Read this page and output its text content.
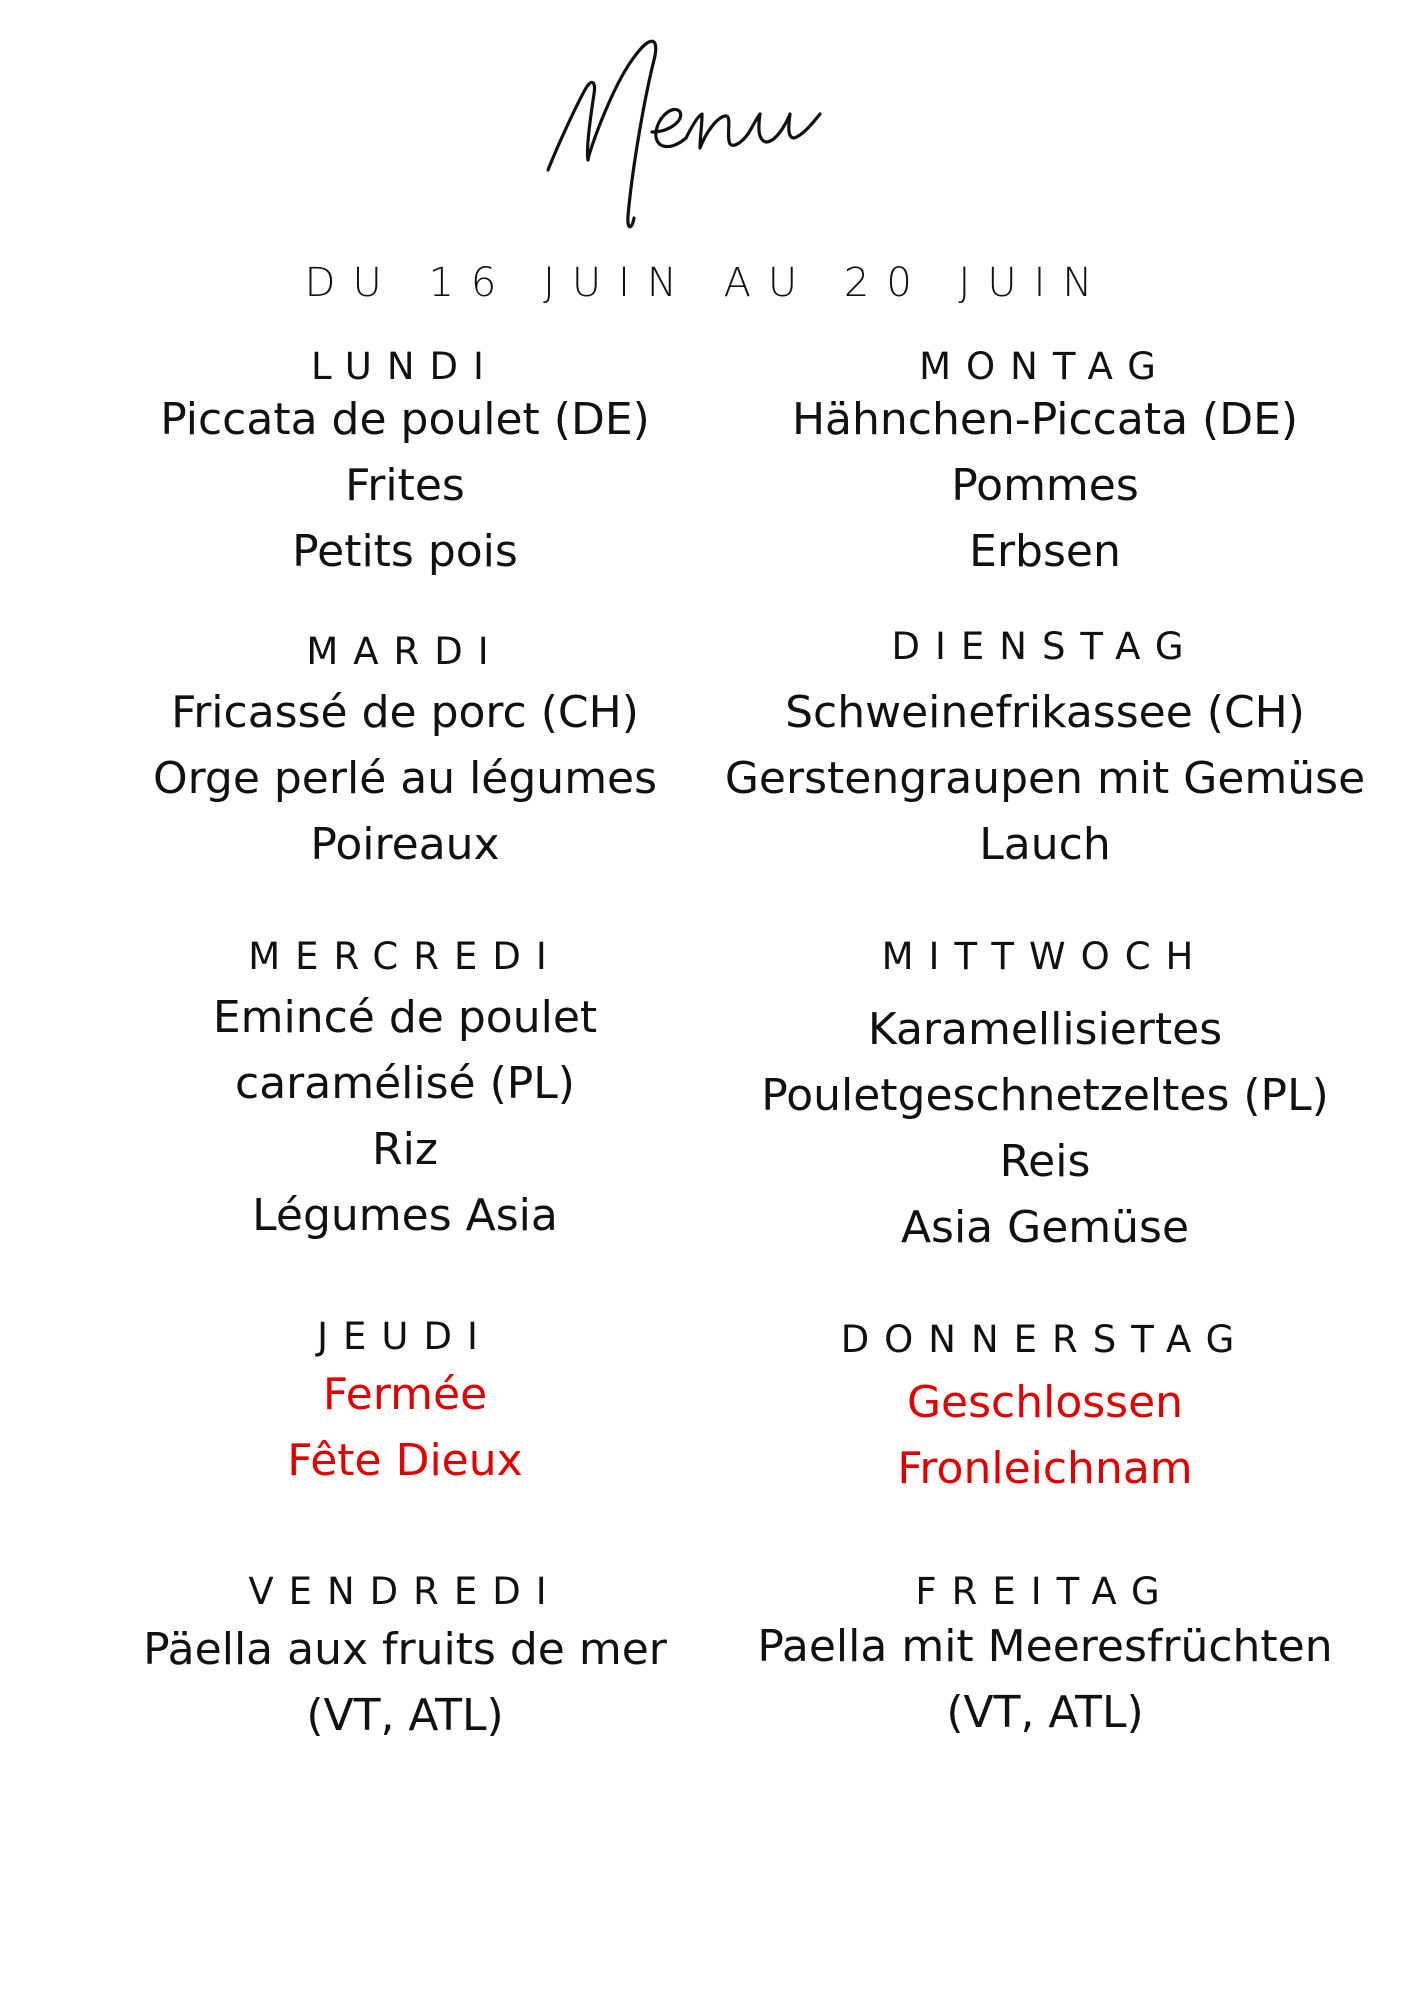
DU 16 JUIN AU 20 JUIN
LUNDI
Piccata de poulet (DE)
Frites
Petits pois
MONTAG
Hähnchen-Piccata (DE)
Pommes
Erbsen
MARDI
Fricassé de porc (CH)
Orge perlé au légumes
Poireaux
DIENSTAG
Schweinefrikassee (CH)
Gerstengraupen mit Gemüse
Lauch
MERCREDI
Emincé de poulet
caramélisé (PL)
Riz
Légumes Asia
MITTWOCH
Karamellisiertes
Pouletgeschnetzeltes (PL)
Reis
Asia Gemüse
JEUDI
Fermée
Fête Dieux
DONNERSTAG
Geschlossen
Fronleichnam
VENDREDI
Päella aux fruits de mer
(VT, ATL)
FREITAG
Paella mit Meeresfrüchten
(VT, ATL)
